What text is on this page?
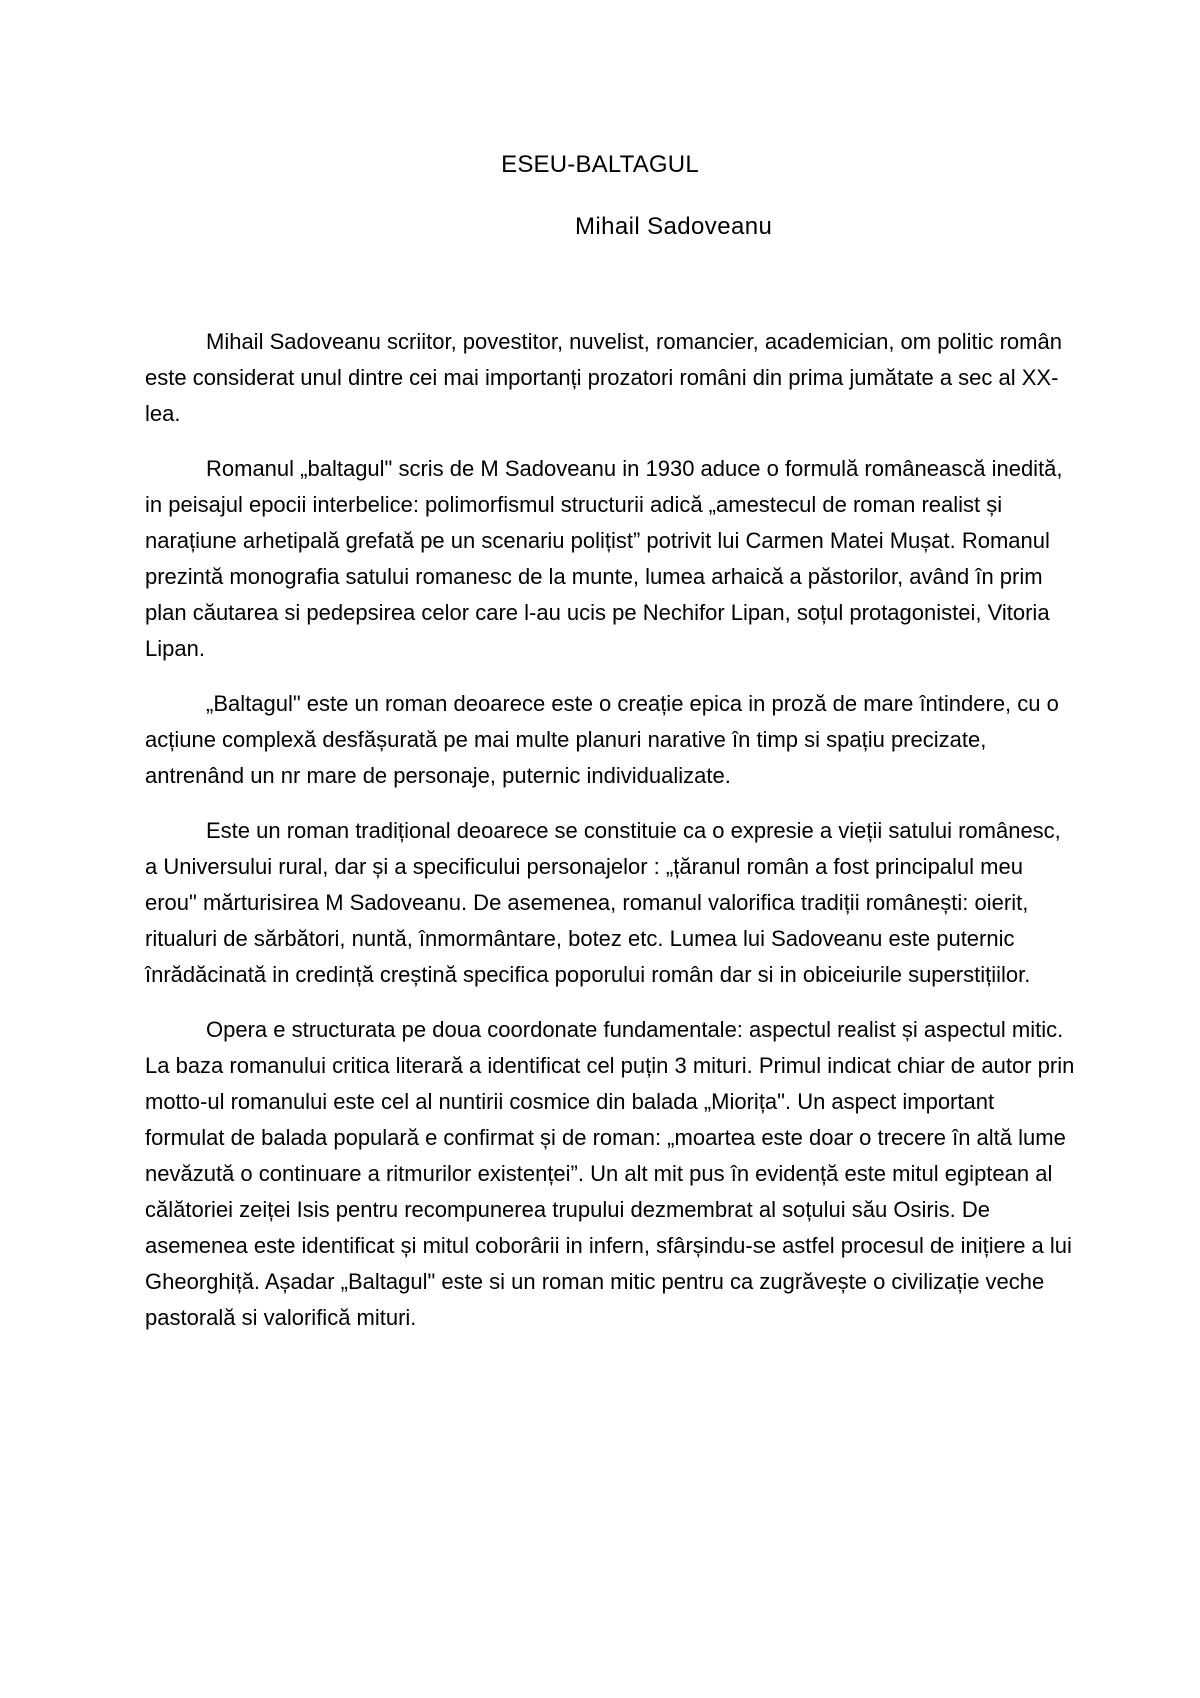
ESEU-BALTAGUL
Mihail Sadoveanu

Mihail Sadoveanu scriitor, povestitor, nuvelist, romancier, academician, om politic român este considerat unul dintre cei mai importanți prozatori români din prima jumătate a sec al XX-lea.

Romanul „baltagul" scris de M Sadoveanu in 1930 aduce o formulă românească inedită, in peisajul epocii interbelice: polimorfismul structurii adică „amestecul de roman realist și narațiune arhetipală grefată pe un scenariu polițist” potrivit lui Carmen Matei Mușat. Romanul prezintă monografia satului romanesc de la munte, lumea arhaică a păstorilor, având în prim plan căutarea si pedepsirea celor care l-au ucis pe Nechifor Lipan, soțul protagonistei, Vitoria Lipan.

„Baltagul" este un roman deoarece este o creație epica in proză de mare întindere, cu o acțiune complexă desfășurată pe mai multe planuri narative în timp si spațiu precizate, antrenând un nr mare de personaje, puternic individualizate.

Este un roman tradițional deoarece se constituie ca o expresie a vieții satului românesc, a Universului rural, dar și a specificului personajelor : „țăranul român a fost principalul meu erou" mărturisirea M Sadoveanu. De asemenea, romanul valorifica tradiții românești: oierit, ritualuri de sărbători, nuntă, înmormântare, botez etc. Lumea lui Sadoveanu este puternic înrădăcinată in credință creștină specifica poporului român dar si in obiceiurile superstițiilor.

Opera e structurata pe doua coordonate fundamentale: aspectul realist și aspectul mitic. La baza romanului critica literară a identificat cel puțin 3 mituri. Primul indicat chiar de autor prin motto-ul romanului este cel al nuntirii cosmice din balada „Miorița". Un aspect important formulat de balada populară e confirmat și de roman: „moartea este doar o trecere în altă lume nevăzută o continuare a ritmurilor existenței”. Un alt mit pus în evidență este mitul egiptean al călătoriei zeiței Isis pentru recompunerea trupului dezmembrat al soțului său Osiris. De asemenea este identificat și mitul coborârii in infern, sfârșindu-se astfel procesul de inițiere a lui Gheorghiță. Așadar „Baltagul" este si un roman mitic pentru ca zugrăvește o civilizație veche pastorală si valorifică mituri.
